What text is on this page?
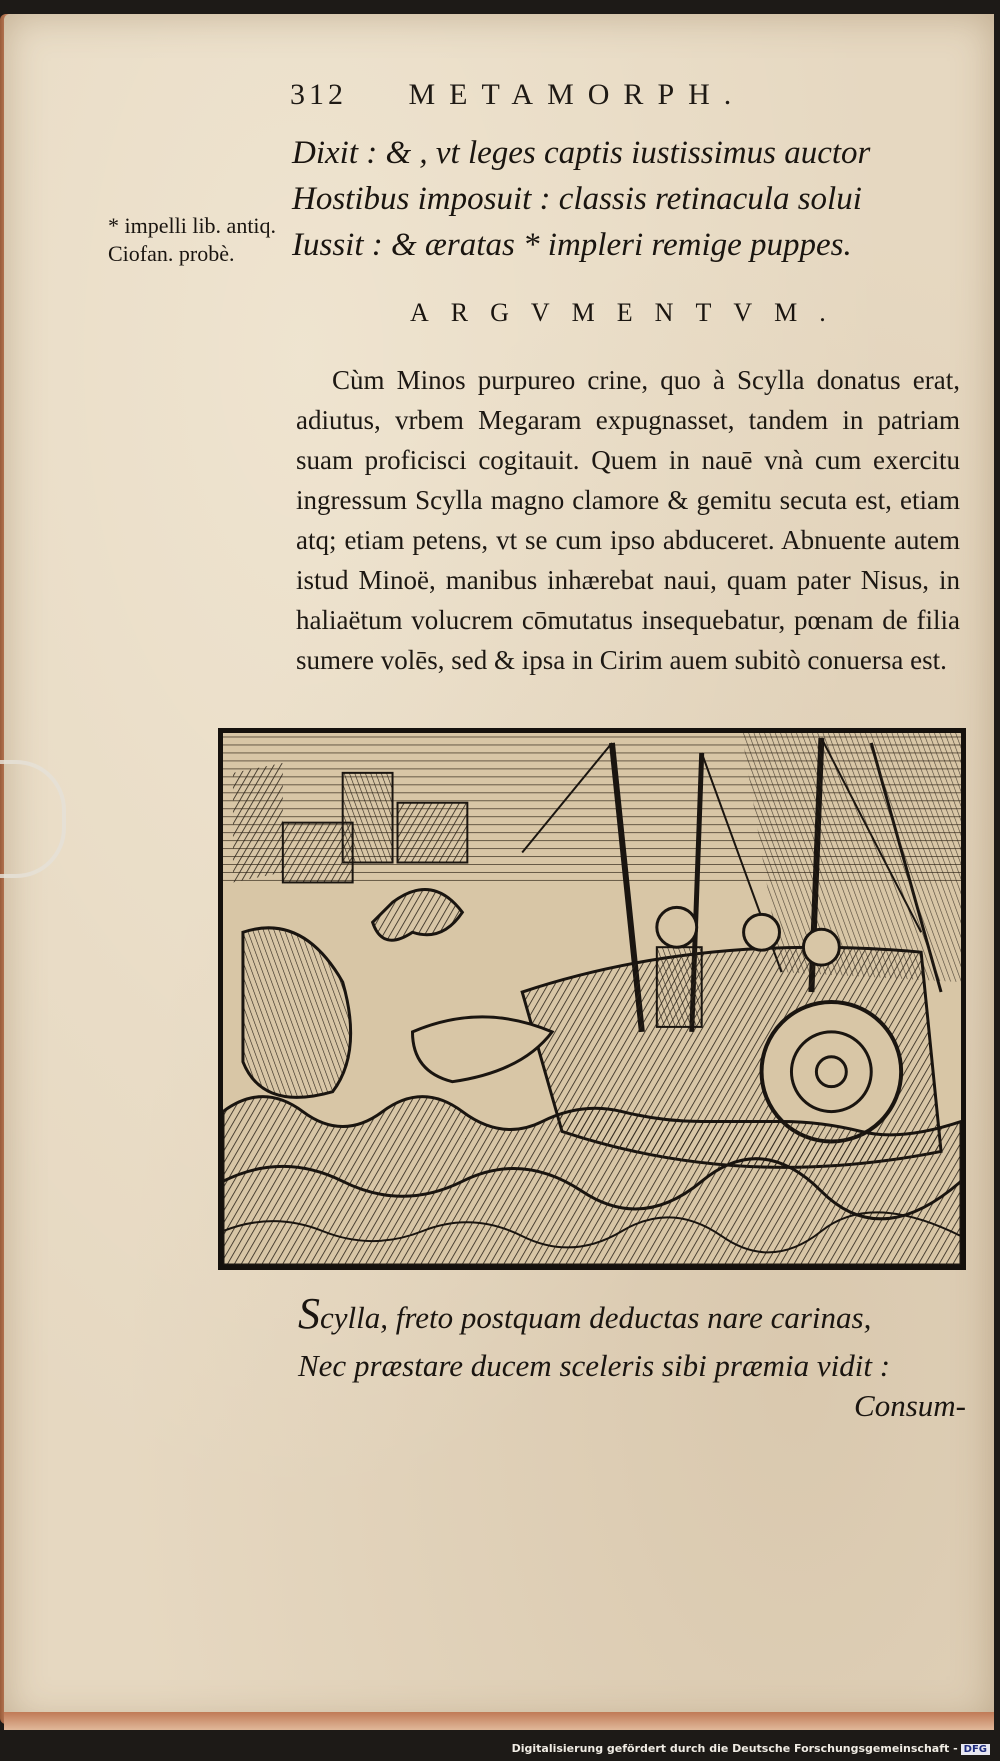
312 METAMORPH.
Dixit : & , vt leges captis iustissimus auctor
Hostibus imposuit : classis retinacula solui
Iussit : & æratas * impleri remige puppes.
* impelli lib. antiq. Ciofan. probè.
ARGVMENTVM.

Cùm Minos purpureo crine, quo à Scylla donatus erat, adiutus, vrbem Megaram expugnasset, tandem in patriam suam proficisci cogitauit. Quem in nauē vnà cum exercitu ingressum Scylla magno clamore & gemitu secuta est, etiam atq; etiam petens, vt se cum ipso abduceret. Abnuente autem istud Minoë, manibus inhærebat naui, quam pater Nisus, in haliaëtum volucrem cōmutatus insequebatur, pœnam de filia sumere volēs, sed & ipsa in Cirim auem subitò conuersa est.

Scylla, freto postquam deductas nare carinas,
Nec præstare ducem sceleris sibi præmia vidit :
Consum-
Digitalisierung gefördert durch die Deutsche Forschungsgemeinschaft - DFG
